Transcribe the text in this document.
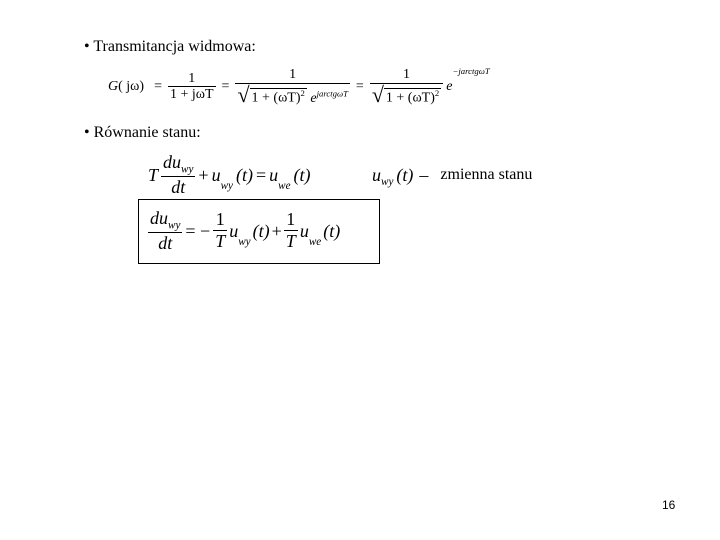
• Transmitancja widmowa:
G ( $j\omega) = \frac{1}{\text{1 + jωT}} = \frac{1}{√ 1 + (\omega T)^2 e^{jarctg\omega T}} = \frac{1}{√ 1 + (\omega T)^2}$ e
−jarctgωT
• Równanie stanu:
T $\frac{du_{wy}}{dt} + u$
$_{wy}$
(t) = u
$_{we}$
(t)	$u_{wy}$ (t) – zmienna stanu
$\frac{du_{wy}}{dt}$ = − $\frac{1}{T}$ u
$_{wy}$
$(t) + \frac{1}{T}$ u
$_{we}$
(t)
16
